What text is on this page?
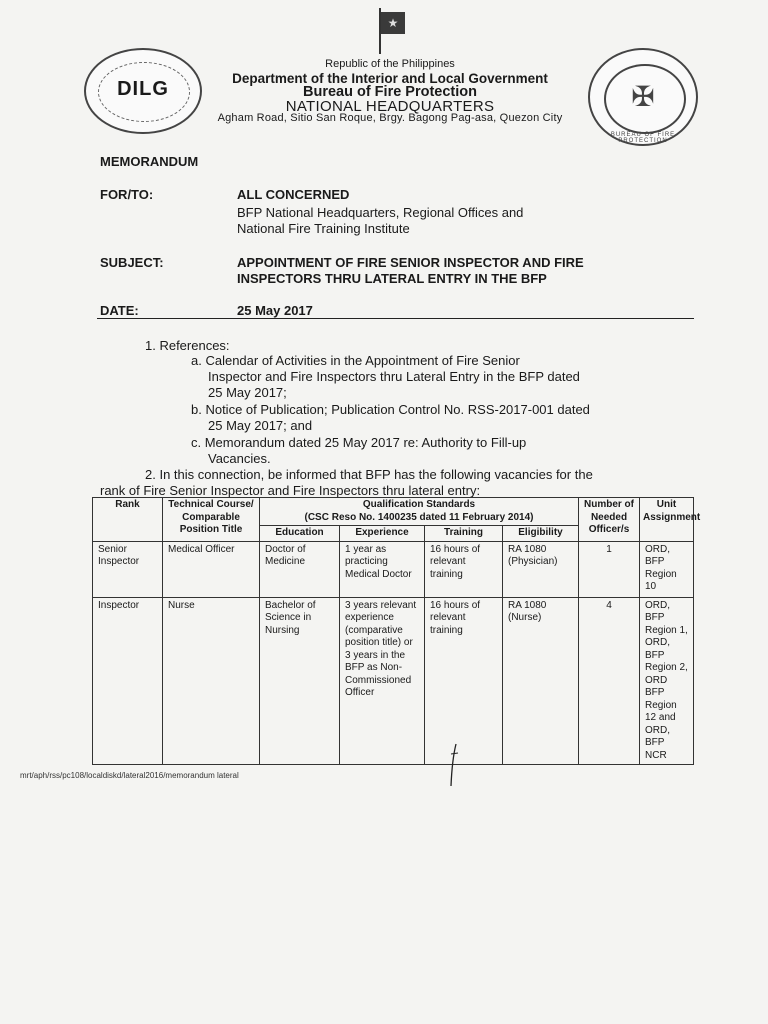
★
DILG	✠
BUREAU OF FIRE PROTECTION
Republic of the Philippines
Department of the Interior and Local Government
Bureau of Fire Protection
NATIONAL HEADQUARTERS
Agham Road, Sitio San Roque, Brgy. Bagong Pag-asa, Quezon City
MEMORANDUM
FOR/TO:	ALL CONCERNED
BFP National Headquarters, Regional Offices and
National Fire Training Institute
SUBJECT:	APPOINTMENT OF FIRE SENIOR INSPECTOR AND FIRE
INSPECTORS THRU LATERAL ENTRY IN THE BFP
DATE:	25 May 2017
1. References:
a. Calendar of Activities in the Appointment of Fire Senior
Inspector and Fire Inspectors thru Lateral Entry in the BFP dated
25 May 2017;
b. Notice of Publication; Publication Control No. RSS-2017-001 dated
25 May 2017; and
c. Memorandum dated 25 May 2017 re: Authority to Fill-up
Vacancies.
2. In this connection, be informed that BFP has the following vacancies for the
rank of Fire Senior Inspector and Fire Inspectors thru lateral entry:
Rank	Technical Course/ Comparable Position Title	Qualification Standards
(CSC Reso No. 1400235 dated 11 February 2014)				Number of Needed Officer/s	Unit Assignment
		Education	Experience	Training	Eligibility		
Senior Inspector	Medical Officer	Doctor of Medicine	1 year as practicing Medical Doctor	16 hours of relevant training	RA 1080 (Physician)	1	ORD, BFP Region 10
Inspector	Nurse	Bachelor of Science in Nursing	3 years relevant experience (comparative position title) or 3 years in the BFP as Non-Commissioned Officer	16 hours of relevant training	RA 1080 (Nurse)	4	ORD, BFP Region 1, ORD, BFP Region 2, ORD BFP Region 12 and ORD, BFP NCR
mrt/aph/rss/pc108/localdiskd/lateral2016/memorandum lateral
